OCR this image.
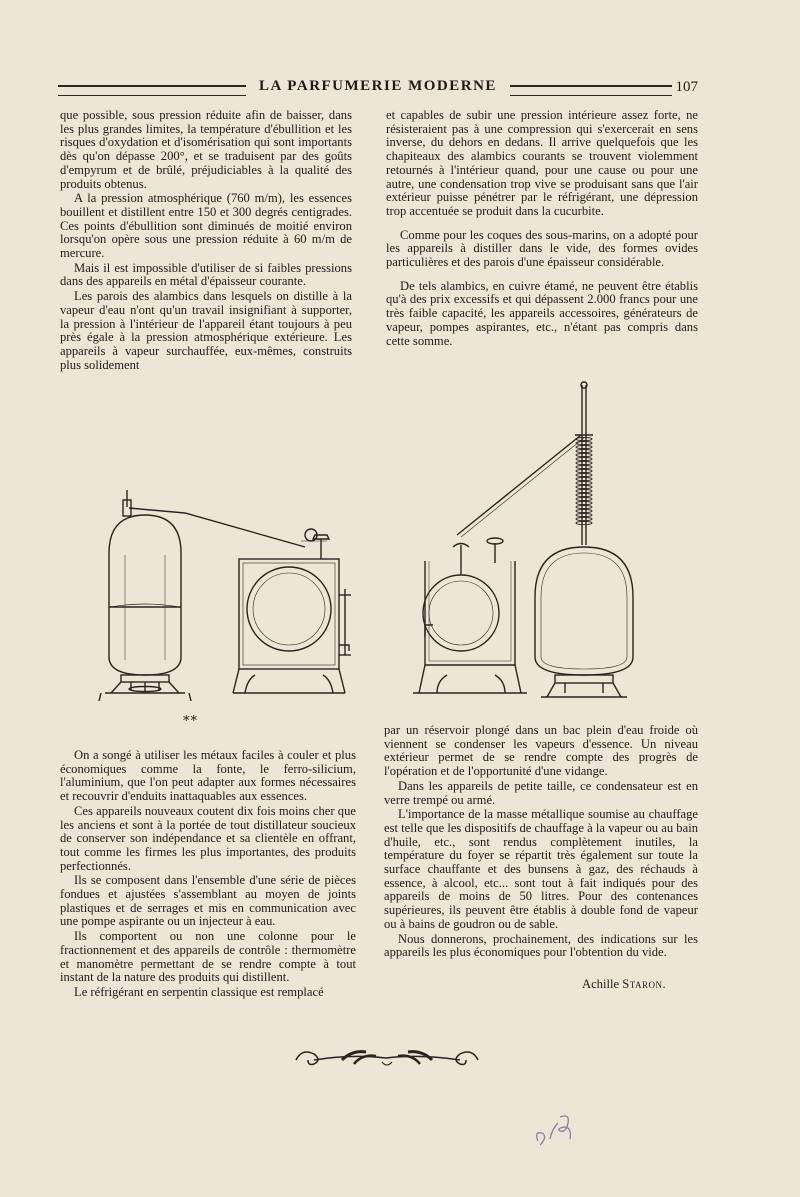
LA PARFUMERIE MODERNE	107

que possible, sous pression réduite afin de baisser, dans les plus grandes limites, la température d'ébullition et les risques d'oxydation et d'isomérisation qui sont importants dès qu'on dépasse 200°, et se traduisent par des goûts d'empyrum et de brûlé, préjudiciables à la qualité des produits obtenus.

A la pression atmosphérique (760 m/m), les essences bouillent et distillent entre 150 et 300 degrés centigrades. Ces points d'ébullition sont diminués de moitié environ lorsqu'on opère sous une pression réduite à 60 m/m de mercure.

Mais il est impossible d'utiliser de si faibles pressions dans des appareils en métal d'épaisseur courante.

Les parois des alambics dans lesquels on distille à la vapeur d'eau n'ont qu'un travail insignifiant à supporter, la pression à l'intérieur de l'appareil étant toujours à peu près égale à la pression atmosphérique extérieure. Les appareils à vapeur surchauffée, eux-mêmes, construits plus solidement

et capables de subir une pression intérieure assez forte, ne résisteraient pas à une compression qui s'exercerait en sens inverse, du dehors en dedans. Il arrive quelquefois que les chapiteaux des alambics courants se trouvent violemment retournés à l'intérieur quand, pour une cause ou pour une autre, une condensation trop vive se produisant sans que l'air extérieur puisse pénétrer par le réfrigérant, une dépression trop accentuée se produit dans la cucurbite.

Comme pour les coques des sous-marins, on a adopté pour les appareils à distiller dans le vide, des formes ovides particulières et des parois d'une épaisseur considérable.

De tels alambics, en cuivre étamé, ne peuvent être établis qu'à des prix excessifs et qui dépassent 2.000 francs pour une très faible capacité, les appareils accessoires, générateurs de vapeur, pompes aspirantes, etc., n'étant pas compris dans cette somme.

**

On a songé à utiliser les métaux faciles à couler et plus économiques comme la fonte, le ferro-silicium, l'aluminium, que l'on peut adapter aux formes nécessaires et recouvrir d'enduits inattaquables aux essences.

Ces appareils nouveaux coutent dix fois moins cher que les anciens et sont à la portée de tout distillateur soucieux de conserver son indépendance et sa clientèle en offrant, tout comme les firmes les plus importantes, des produits perfectionnés.

Ils se composent dans l'ensemble d'une série de pièces fondues et ajustées s'assemblant au moyen de joints plastiques et de serrages et mis en communication avec une pompe aspirante ou un injecteur à eau.

Ils comportent ou non une colonne pour le fractionnement et des appareils de contrôle : thermomètre et manomètre permettant de se rendre compte à tout instant de la nature des produits qui distillent.

Le réfrigérant en serpentin classique est remplacé

par un réservoir plongé dans un bac plein d'eau froide où viennent se condenser les vapeurs d'essence. Un niveau extérieur permet de se rendre compte des progrès de l'opération et de l'opportunité d'une vidange.

Dans les appareils de petite taille, ce condensateur est en verre trempé ou armé.

L'importance de la masse métallique soumise au chauffage est telle que les dispositifs de chauffage à la vapeur ou au bain d'huile, etc., sont rendus complètement inutiles, la température du foyer se répartit très également sur toute la surface chauffante et des bunsens à gaz, des réchauds à essence, à alcool, etc... sont tout à fait indiqués pour des appareils de moins de 50 litres. Pour des contenances supérieures, ils peuvent être établis à double fond de vapeur ou à bains de goudron ou de sable.

Nous donnerons, prochainement, des indications sur les appareils les plus économiques pour l'obtention du vide.

Achille Staron.
